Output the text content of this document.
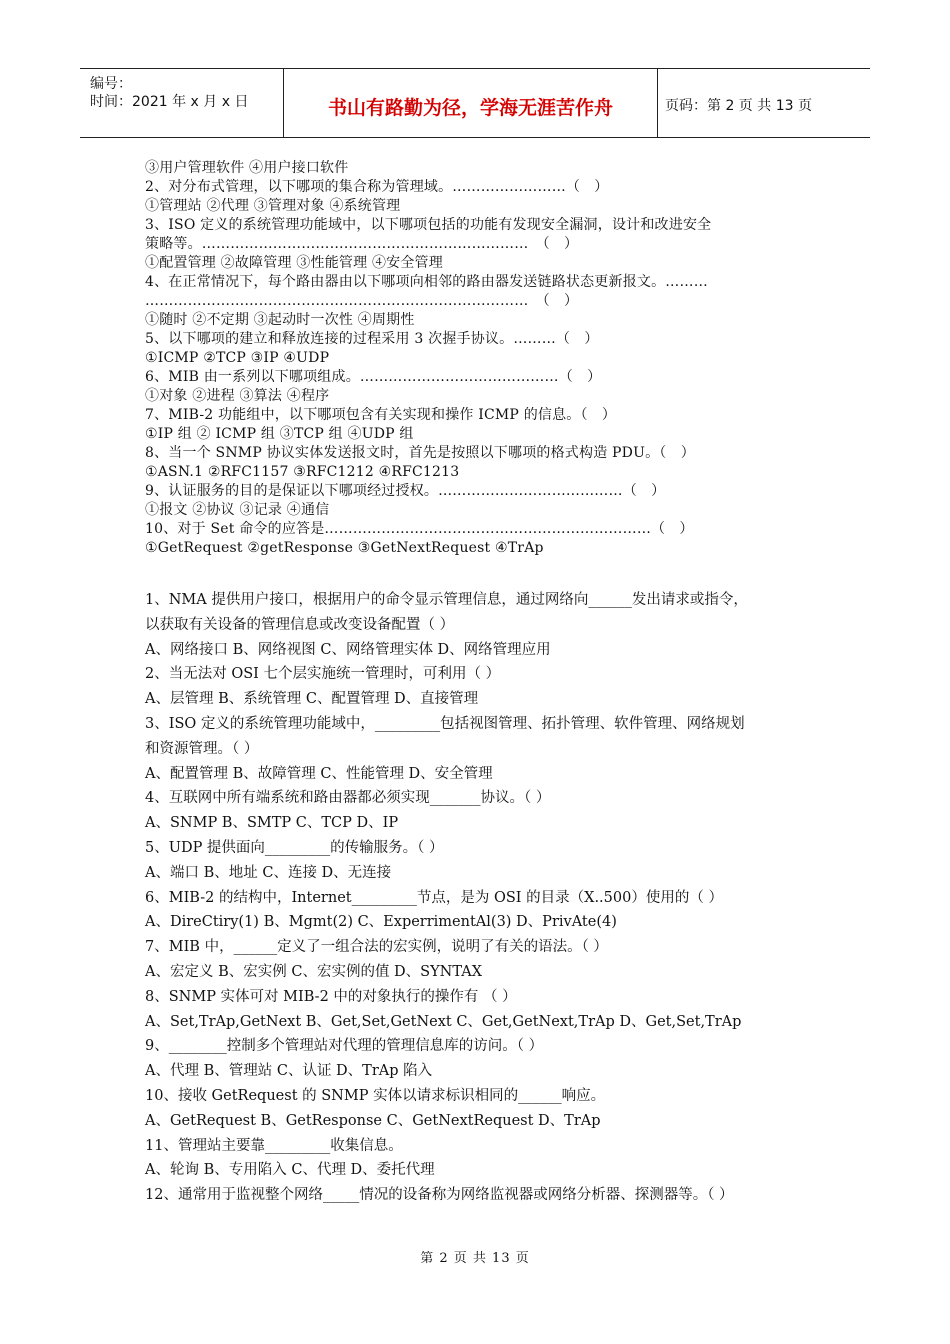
编号：
时间：2021 年 x 月 x 日	书山有路勤为径，学海无涯苦作舟	页码：第 2 页 共 13 页
③用户管理软件 ④用户接口软件
2、对分布式管理，以下哪项的集合称为管理域。……………………（　）
①管理站 ②代理 ③管理对象 ④系统管理
3、ISO 定义的系统管理功能域中，以下哪项包括的功能有发现安全漏洞，设计和改进安全
策略等。……………………………………………………………　（　）
①配置管理 ②故障管理 ③性能管理 ④安全管理
4、在正常情况下，每个路由器由以下哪项向相邻的路由器发送链路状态更新报文。………
………………………………………………………………………　（　）
①随时 ②不定期 ③起动时一次性 ④周期性
5、以下哪项的建立和释放连接的过程采用 3 次握手协议。………（　）
①ICMP ②TCP ③IP ④UDP
6、MIB 由一系列以下哪项组成。……………………………………（　）
①对象 ②进程 ③算法 ④程序
7、MIB-2 功能组中，以下哪项包含有关实现和操作 ICMP 的信息。（　）
①IP 组 ② ICMP 组 ③TCP 组 ④UDP 组
8、当一个 SNMP 协议实体发送报文时，首先是按照以下哪项的格式构造 PDU。（　）
①ASN.1 ②RFC1157 ③RFC1212 ④RFC1213
9、认证服务的目的是保证以下哪项经过授权。…………………………………（　）
①报文 ②协议 ③记录 ④通信
10、对于 Set 命令的应答是……………………………………………………………（　）
①GetRequest ②getResponse ③GetNextRequest ④TrAp
1、NMA 提供用户接口，根据用户的命令显示管理信息，通过网络向______发出请求或指令，
以获取有关设备的管理信息或改变设备配置（ ）
A、网络接口 B、网络视图 C、网络管理实体 D、网络管理应用
2、当无法对 OSI 七个层实施统一管理时，可利用（ ）
A、层管理 B、系统管理 C、配置管理 D、直接管理
3、ISO 定义的系统管理功能域中，_________包括视图管理、拓扑管理、软件管理、网络规划
和资源管理。（ ）
A、配置管理 B、故障管理 C、性能管理 D、安全管理
4、互联网中所有端系统和路由器都必须实现_______协议。（ ）
A、SNMP B、SMTP C、TCP D、IP
5、UDP 提供面向_________的传输服务。（ ）
A、端口 B、地址 C、连接 D、无连接
6、MIB-2 的结构中，Internet_________节点，是为 OSI 的目录（X..500）使用的（ ）
A、DireCtiry(1) B、Mgmt(2) C、ExperrimentAl(3) D、PrivAte(4)
7、MIB 中，______定义了一组合法的宏实例，说明了有关的语法。（ ）
A、宏定义 B、宏实例 C、宏实例的值 D、SYNTAX
8、SNMP 实体可对 MIB-2 中的对象执行的操作有 （ ）
A、Set,TrAp,GetNext B、Get,Set,GetNext C、Get,GetNext,TrAp D、Get,Set,TrAp
9、________控制多个管理站对代理的管理信息库的访问。（ ）
A、代理 B、管理站 C、认证 D、TrAp 陷入
10、接收 GetRequest 的 SNMP 实体以请求标识相同的______响应。
A、GetRequest B、GetResponse C、GetNextRequest D、TrAp
11、管理站主要靠_________收集信息。
A、轮询 B、专用陷入 C、代理 D、委托代理
12、通常用于监视整个网络_____情况的设备称为网络监视器或网络分析器、探测器等。（ ）
第 2 页 共 13 页
